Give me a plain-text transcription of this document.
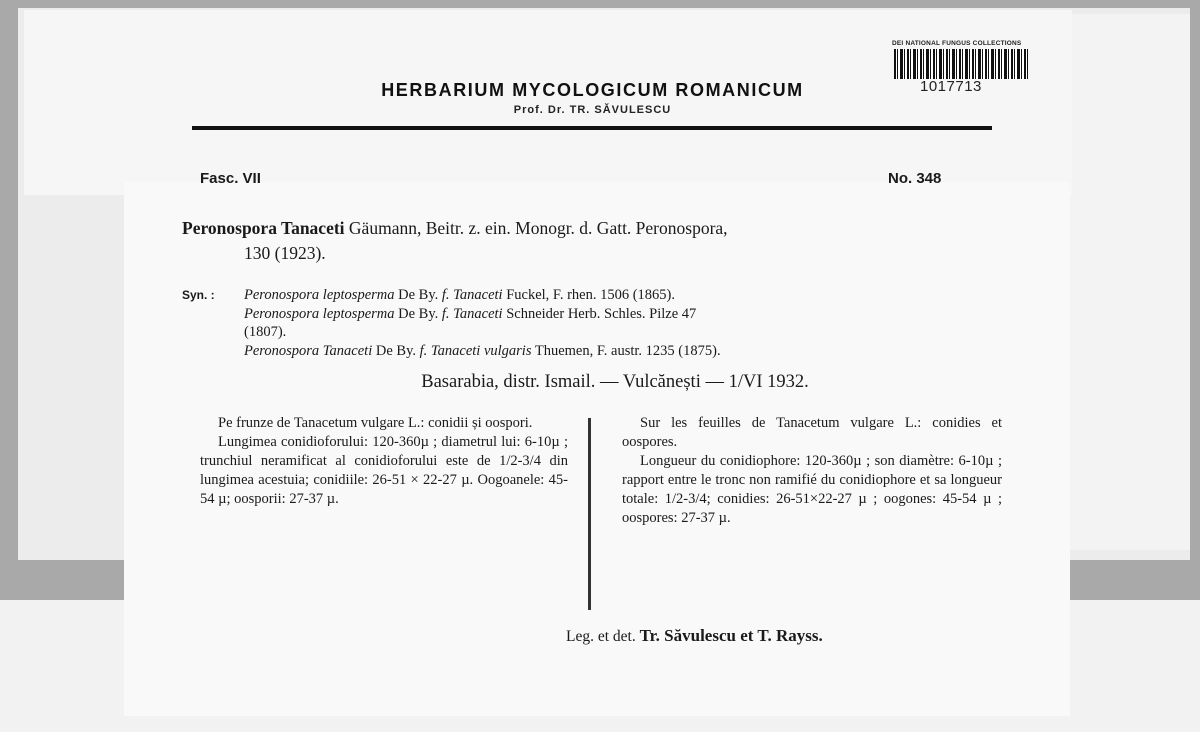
HERBARIUM MYCOLOGICUM ROMANICUM
Prof. Dr. TR. SĂVULESCU
DEI NATIONAL FUNGUS COLLECTIONS
1017713
Fasc. VII	No. 348
Peronospora Tanaceti Gäumann, Beitr. z. ein. Monogr. d. Gatt. Peronospora,
130 (1923).
Syn. : Peronospora leptosperma De By. f. Tanaceti Fuckel, F. rhen. 1506 (1865).
Peronospora leptosperma De By. f. Tanaceti Schneider Herb. Schles. Pilze 47
(1807).
Peronospora Tanaceti De By. f. Tanaceti vulgaris Thuemen, F. austr. 1235 (1875).
Basarabia, distr. Ismail. — Vulcănești — 1/VI 1932.

Pe frunze de Tanacetum vulgare L.: conidii și oospori.

Lungimea conidioforului: 120-360µ ; diametrul lui: 6-10µ ; trunchiul neramificat al conidioforului este de 1/2-3/4 din lungimea acestuia; conidiile: 26-51 × 22-27 µ. Oogoanele: 45-54 µ; oosporii: 27-37 µ.

Sur les feuilles de Tanacetum vulgare L.: conidies et oospores.

Longueur du conidiophore: 120-360µ ; son diamètre: 6-10µ ; rapport entre le tronc non ramifié du conidiophore et sa longueur totale: 1/2-3/4; conidies: 26-51×22-27 µ ; oogones: 45-54 µ ; oospores: 27-37 µ.

Leg. et det. Tr. Săvulescu et T. Rayss.
